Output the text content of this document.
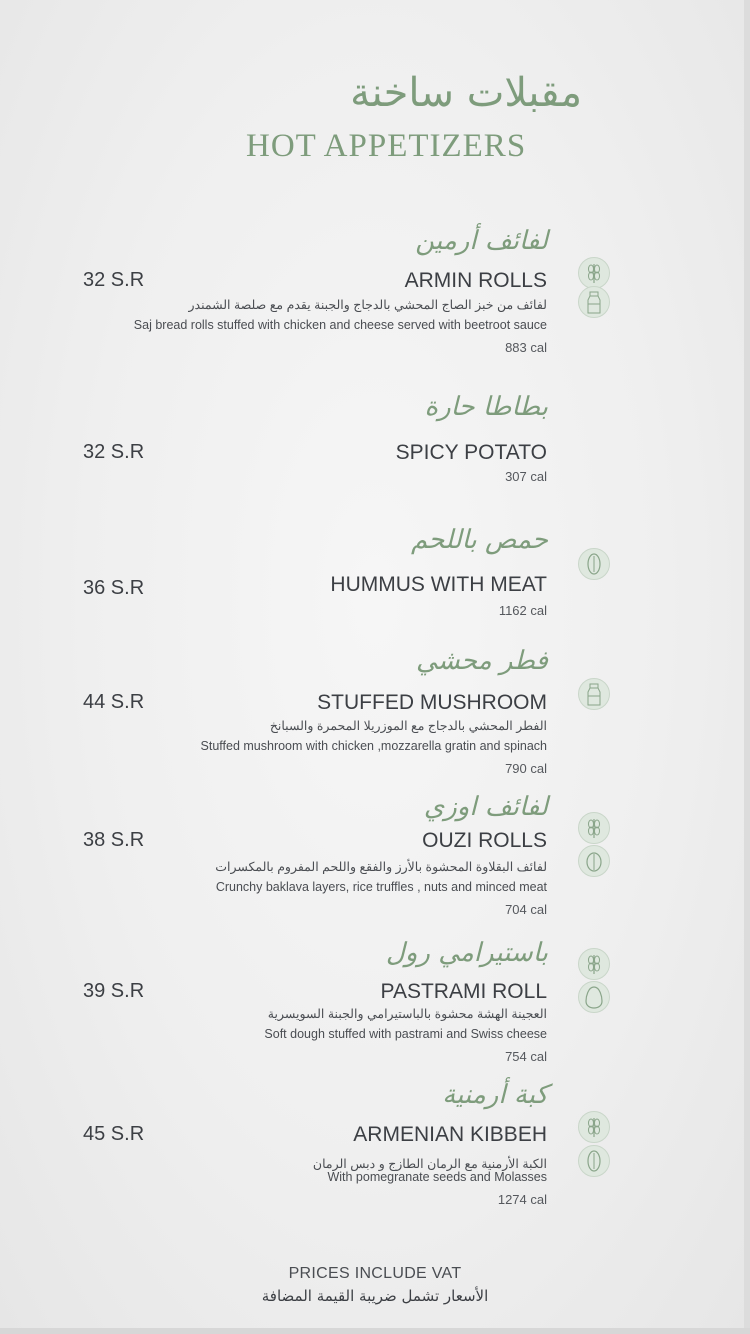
مقبلات ساخنة
HOT APPETIZERS
لفائف أرمين
32 S.R	ARMIN ROLLS
لفائف من خبز الصاج المحشي بالدجاج والجبنة يقدم مع صلصة الشمندر
Saj bread rolls stuffed with chicken and cheese served with beetroot sauce
883 cal
بطاطا حارة
32 S.R	SPICY POTATO
307 cal
حمص باللحم
36 S.R	HUMMUS WITH MEAT
1162 cal
فطر محشي
44 S.R	STUFFED MUSHROOM
الفطر المحشي بالدجاج مع الموزريلا المحمرة والسبانخ
Stuffed mushroom with chicken ,mozzarella gratin and spinach
790 cal
لفائف اوزي
38 S.R	OUZI ROLLS
لفائف البقلاوة المحشوة بالأرز والفقع واللحم المفروم بالمكسرات
Crunchy baklava layers, rice truffles , nuts and minced meat
704 cal
باستيرامي رول
39 S.R	PASTRAMI ROLL
العجينة الهشة محشوة بالباستيرامي والجبنة السويسرية
Soft dough stuffed with pastrami and Swiss cheese
754 cal
كبة أرمنية
45 S.R	ARMENIAN KIBBEH
الكبة الأرمنية مع الرمان الطازج و دبس الرمان
With pomegranate seeds and Molasses
1274 cal
PRICES INCLUDE VAT
الأسعار تشمل ضريبة القيمة المضافة
